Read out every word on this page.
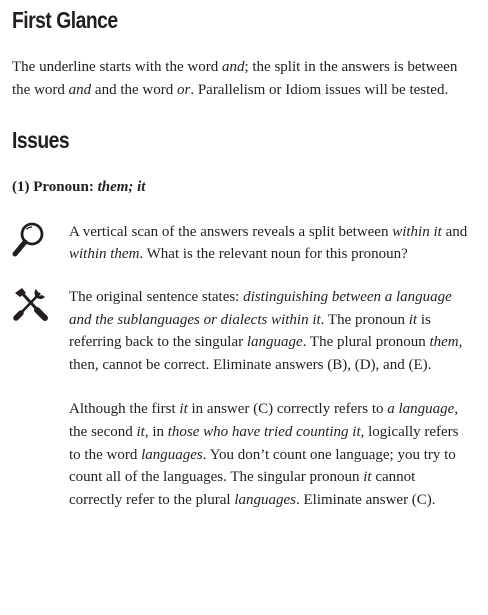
First Glance

The underline starts with the word and; the split in the answers is between the word and and the word or. Parallelism or Idiom issues will be tested.

Issues

(1) Pronoun: them; it

A vertical scan of the answers reveals a split between within it and within them. What is the relevant noun for this pronoun?

The original sentence states: distinguishing between a language and the sublanguages or dialects within it. The pronoun it is referring back to the singular language. The plural pronoun them, then, cannot be correct. Eliminate answers (B), (D), and (E).

Although the first it in answer (C) correctly refers to a language, the second it, in those who have tried counting it, logically refers to the word languages. You don’t count one language; you try to count all of the languages. The singular pronoun it cannot correctly refer to the plural languages. Eliminate answer (C).
